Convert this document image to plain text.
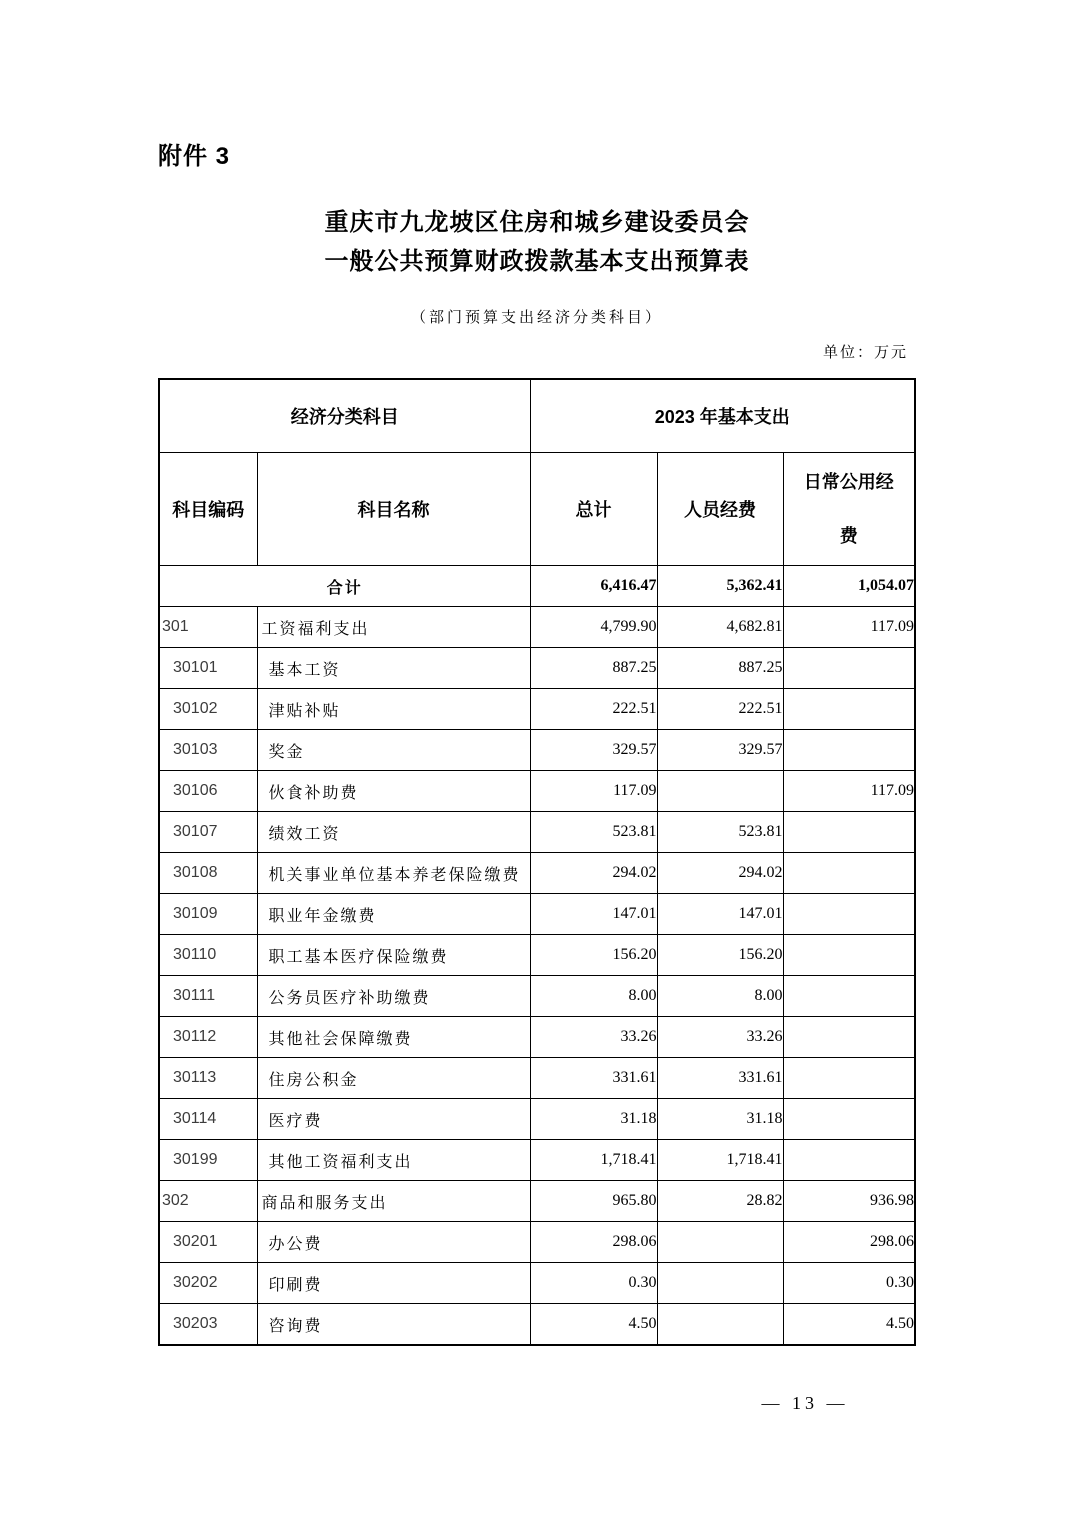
附件 3
重庆市九龙坡区住房和城乡建设委员会
一般公共预算财政拨款基本支出预算表
（部门预算支出经济分类科目）
单位：万元
经济分类科目		2023 年基本支出		
科目编码	科目名称	总计	人员经费	日常公用经费
合计		6,416.47	5,362.41	1,054.07
301	工资福利支出	4,799.90	4,682.81	117.09
30101	基本工资	887.25	887.25	
30102	津贴补贴	222.51	222.51	
30103	奖金	329.57	329.57	
30106	伙食补助费	117.09		117.09
30107	绩效工资	523.81	523.81	
30108	机关事业单位基本养老保险缴费	294.02	294.02	
30109	职业年金缴费	147.01	147.01	
30110	职工基本医疗保险缴费	156.20	156.20	
30111	公务员医疗补助缴费	8.00	8.00	
30112	其他社会保障缴费	33.26	33.26	
30113	住房公积金	331.61	331.61	
30114	医疗费	31.18	31.18	
30199	其他工资福利支出	1,718.41	1,718.41	
302	商品和服务支出	965.80	28.82	936.98
30201	办公费	298.06		298.06
30202	印刷费	0.30		0.30
30203	咨询费	4.50		4.50
— 13 —
